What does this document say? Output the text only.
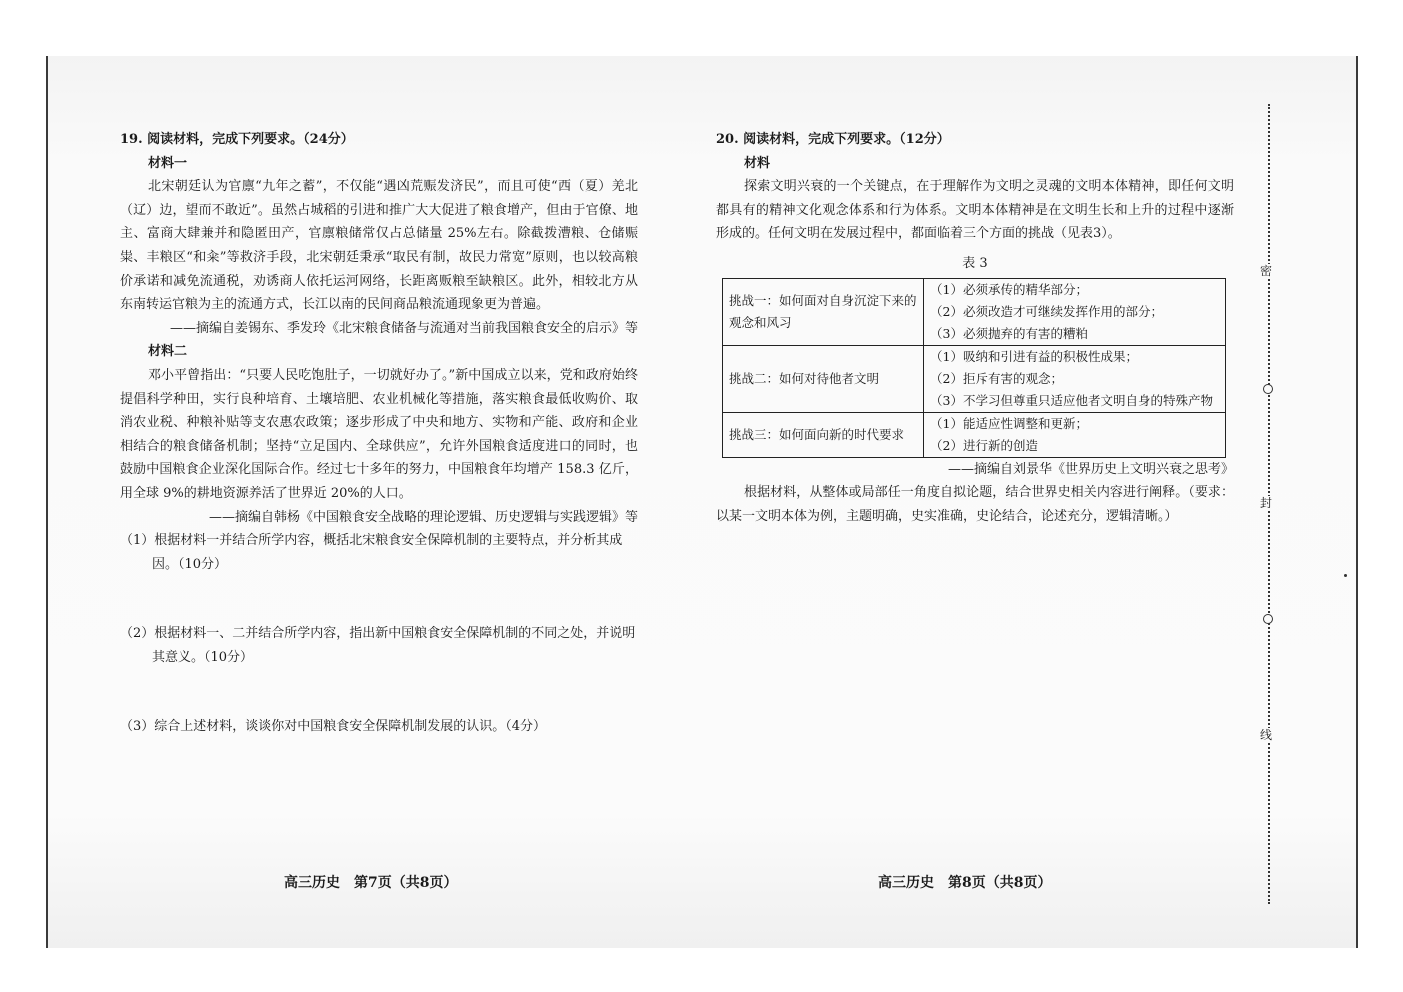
19. 阅读材料，完成下列要求。（24分）

材料一

北宋朝廷认为官廪“九年之蓄”，不仅能“遇凶荒赈发济民”，而且可使“西（夏）羌北（辽）边，望而不敢近”。虽然占城稻的引进和推广大大促进了粮食增产，但由于官僚、地主、富商大肆兼并和隐匿田产，官廪粮储常仅占总储量 25%左右。除截拨漕粮、仓储赈粜、丰粮区“和籴”等救济手段，北宋朝廷秉承“取民有制，故民力常宽”原则，也以较高粮价承诺和减免流通税，劝诱商人依托运河网络，长距离贩粮至缺粮区。此外，相较北方从东南转运官粮为主的流通方式，长江以南的民间商品粮流通现象更为普遍。

——摘编自姜锡东、季发玲《北宋粮食储备与流通对当前我国粮食安全的启示》等

材料二

邓小平曾指出：“只要人民吃饱肚子，一切就好办了。”新中国成立以来，党和政府始终提倡科学种田，实行良种培育、土壤培肥、农业机械化等措施，落实粮食最低收购价、取消农业税、种粮补贴等支农惠农政策；逐步形成了中央和地方、实物和产能、政府和企业相结合的粮食储备机制；坚持“立足国内、全球供应”，允许外国粮食适度进口的同时，也鼓励中国粮食企业深化国际合作。经过七十多年的努力，中国粮食年均增产 158.3 亿斤，用全球 9%的耕地资源养活了世界近 20%的人口。

——摘编自韩杨《中国粮食安全战略的理论逻辑、历史逻辑与实践逻辑》等

（1）根据材料一并结合所学内容，概括北宋粮食安全保障机制的主要特点，并分析其成因。（10分）

（2）根据材料一、二并结合所学内容，指出新中国粮食安全保障机制的不同之处，并说明其意义。（10分）

（3）综合上述材料，谈谈你对中国粮食安全保障机制发展的认识。（4分）

20. 阅读材料，完成下列要求。（12分）

材料

探索文明兴衰的一个关键点，在于理解作为文明之灵魂的文明本体精神，即任何文明都具有的精神文化观念体系和行为体系。文明本体精神是在文明生长和上升的过程中逐渐形成的。任何文明在发展过程中，都面临着三个方面的挑战（见表3）。

表 3

挑战一：如何面对自身沉淀下来的观念和风习	（1）必须承传的精华部分；
（2）必须改造才可继续发挥作用的部分；
（3）必须抛弃的有害的糟粕

挑战二：如何对待他者文明	（1）吸纳和引进有益的积极性成果；
（2）拒斥有害的观念；
（3）不学习但尊重只适应他者文明自身的特殊产物

挑战三：如何面向新的时代要求	（1）能适应性调整和更新；
（2）进行新的创造

——摘编自刘景华《世界历史上文明兴衰之思考》

根据材料，从整体或局部任一角度自拟论题，结合世界史相关内容进行阐释。（要求：以某一文明本体为例，主题明确，史实准确，史论结合，论述充分，逻辑清晰。）

高三历史　第7页（共8页）	高三历史　第8页（共8页）
密
封
线
